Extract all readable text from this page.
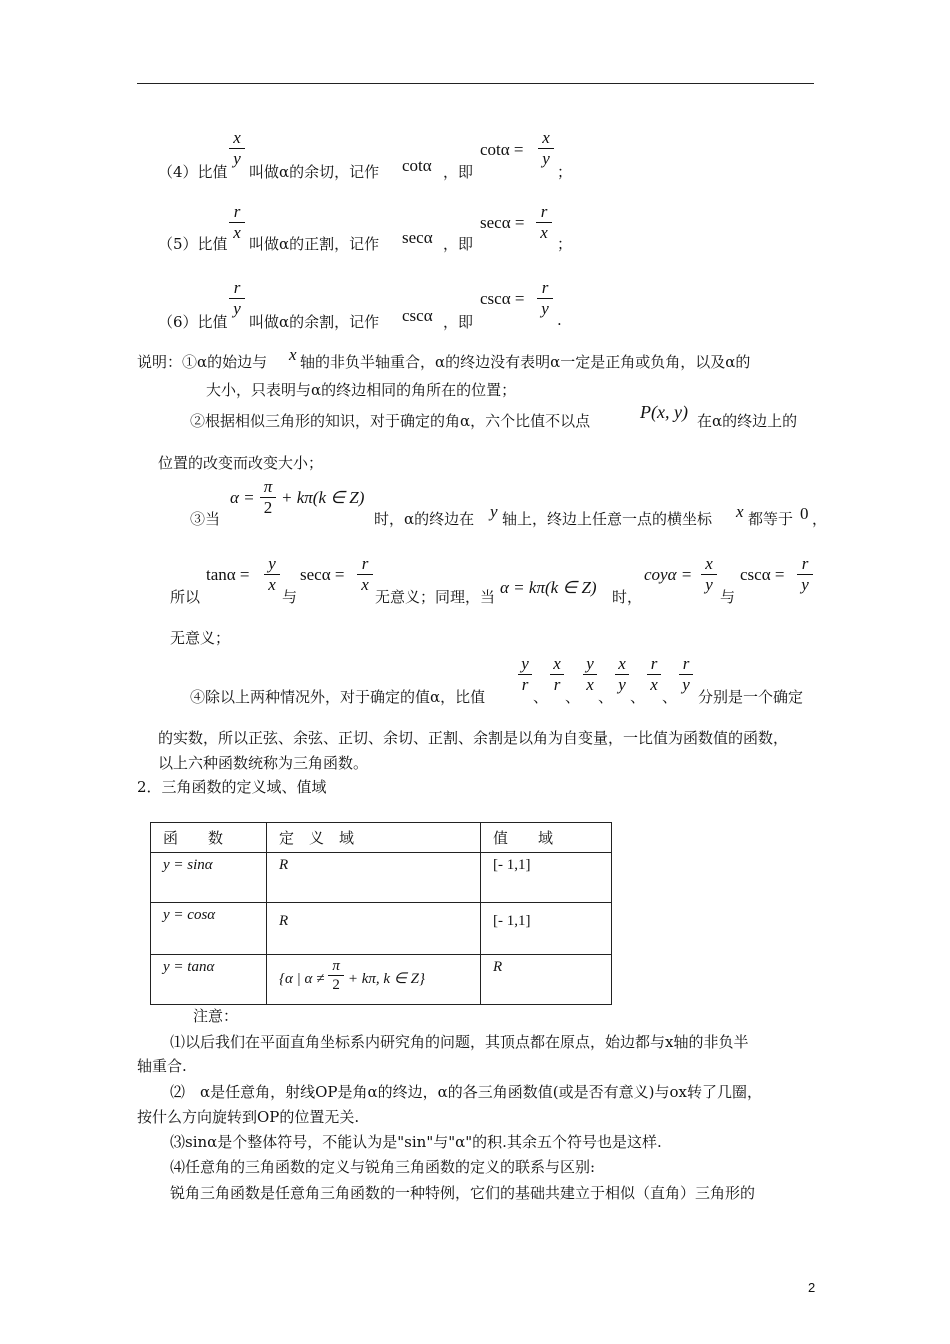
（4）比值
x
y
叫做α的余切，记作 cotα ，即
cotα =
x
y
；
（5）比值
r
x
叫做α的正割，记作 secα ，即
secα =
r
x
；
（6）比值
r
y
叫做α的余割，记作 cscα ，即
cscα =
r
y
.
说明：①α的始边与 x 轴的非负半轴重合，α的终边没有表明α一定是正角或负角，以及α的
大小，只表明与α的终边相同的角所在的位置；
②根据相似三角形的知识，对于确定的角α，六个比值不以点	P(x, y) 在α的终边上的
位置的改变而改变大小；
③当
α =
π
2
+ kπ(k ∈ Z)
时，α的终边在 y 轴上，终边上任意一点的横坐标 x 都等于 0 ，
所以
tanα =
y
x
与
secα =
r
x
无意义；同理，当 α = kπ(k ∈ Z) 时，
coyα =
x
y
与
cscα =
r
y
无意义；
④除以上两种情况外，对于确定的值α，比值
y
r
、
x
r
、
y
x
、
x
y
、
r
x
、
r
y
分别是一个确定
的实数，所以正弦、余弦、正切、余切、正割、余割是以角为自变量，一比值为函数值的函数，
以上六种函数统称为三角函数。
2．三角函数的定义域、值域
函　　数	定　义　域	值　　域
y = sinα	R	[- 1,1]
y = cosα	R	[- 1,1]
y = tanα	{α | $\alpha \ne \frac{\pi}{2} + k\pi$, k ∈ Z}	R
注意：
⑴以后我们在平面直角坐标系内研究角的问题，其顶点都在原点，始边都与x轴的非负半
轴重合.
⑵　α是任意角，射线OP是角α的终边，α的各三角函数值(或是否有意义)与ox转了几圈，
按什么方向旋转到OP的位置无关.
⑶sinα是个整体符号，不能认为是"sin"与"α"的积.其余五个符号也是这样.
⑷任意角的三角函数的定义与锐角三角函数的定义的联系与区别:
锐角三角函数是任意角三角函数的一种特例，它们的基础共建立于相似（直角）三角形的
2
